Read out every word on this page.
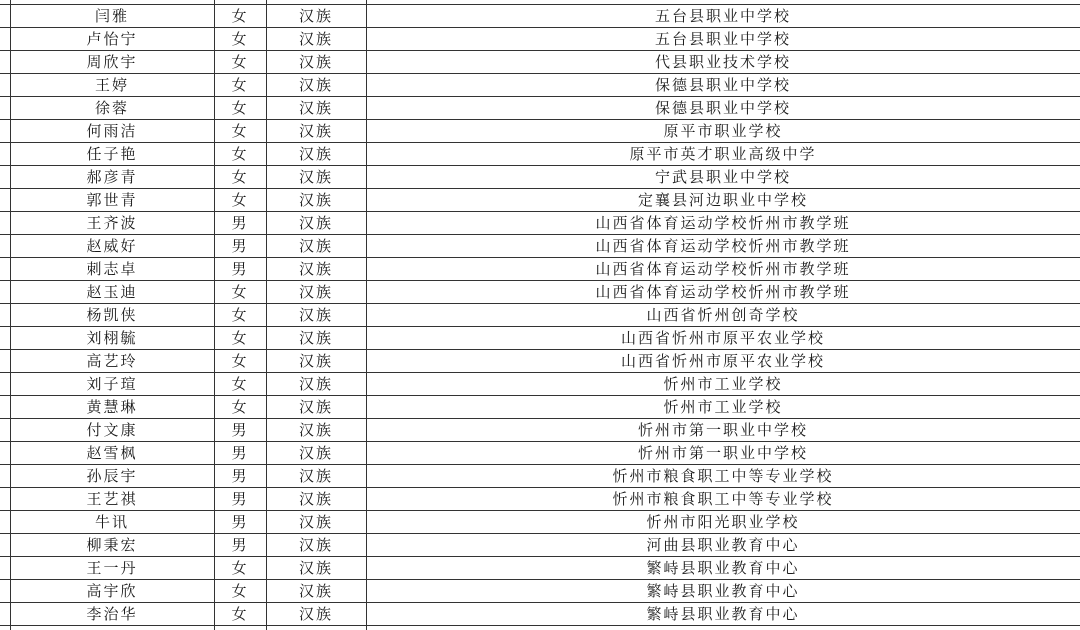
闫雅	女	汉族	五台县职业中学校
卢怡宁	女	汉族	五台县职业中学校
周欣宇	女	汉族	代县职业技术学校
王婷	女	汉族	保德县职业中学校
徐蓉	女	汉族	保德县职业中学校
何雨洁	女	汉族	原平市职业学校
任子艳	女	汉族	原平市英才职业高级中学
郝彦青	女	汉族	宁武县职业中学校
郭世青	女	汉族	定襄县河边职业中学校
王齐波	男	汉族	山西省体育运动学校忻州市教学班
赵威好	男	汉族	山西省体育运动学校忻州市教学班
刺志卓	男	汉族	山西省体育运动学校忻州市教学班
赵玉迪	女	汉族	山西省体育运动学校忻州市教学班
杨凯侠	女	汉族	山西省忻州创奇学校
刘栩毓	女	汉族	山西省忻州市原平农业学校
高艺玲	女	汉族	山西省忻州市原平农业学校
刘子瑄	女	汉族	忻州市工业学校
黄慧琳	女	汉族	忻州市工业学校
付文康	男	汉族	忻州市第一职业中学校
赵雪枫	男	汉族	忻州市第一职业中学校
孙辰宇	男	汉族	忻州市粮食职工中等专业学校
王艺祺	男	汉族	忻州市粮食职工中等专业学校
牛讯	男	汉族	忻州市阳光职业学校
柳秉宏	男	汉族	河曲县职业教育中心
王一丹	女	汉族	繁峙县职业教育中心
高宇欣	女	汉族	繁峙县职业教育中心
李治华	女	汉族	繁峙县职业教育中心
